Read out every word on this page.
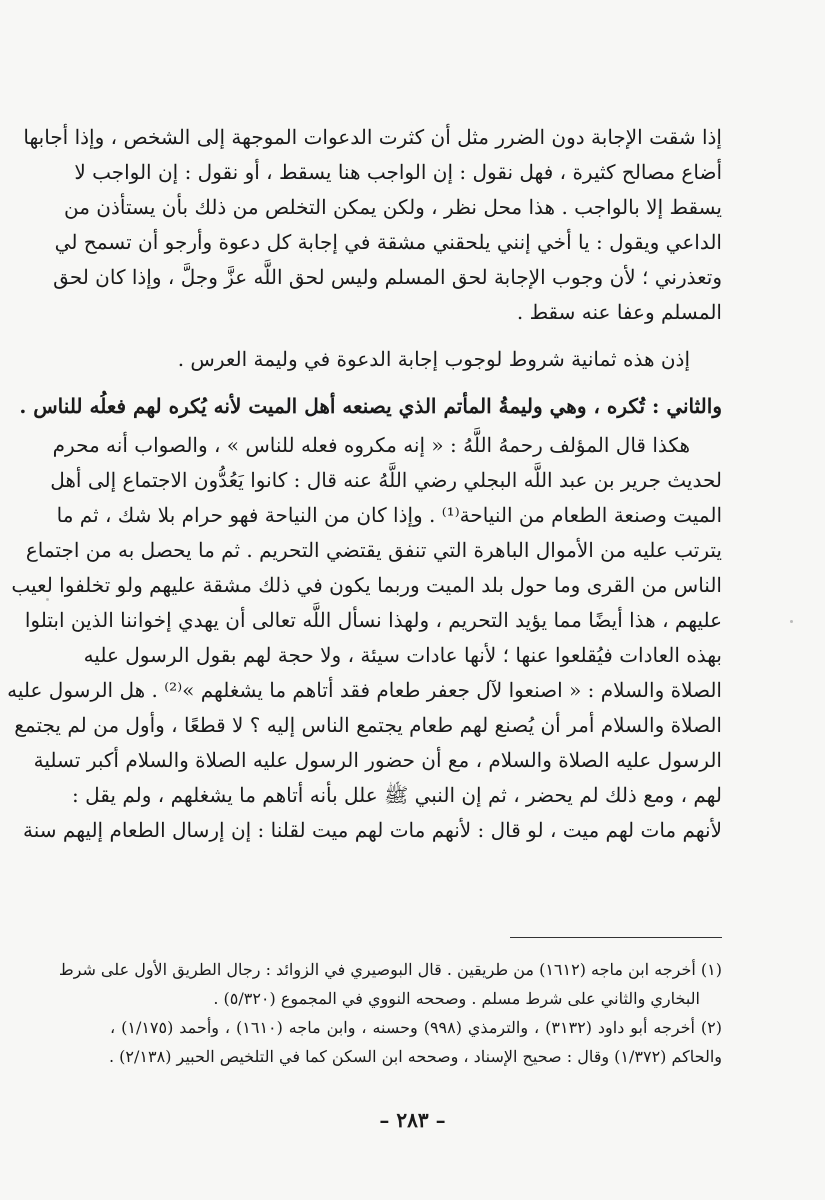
إذا شقت الإجابة دون الضرر مثل أن كثرت الدعوات الموجهة إلى الشخص ، وإذا أجابها
أضاع مصالح كثيرة ، فهل نقول : إن الواجب هنا يسقط ، أو نقول : إن الواجب لا
يسقط إلا بالواجب . هذا محل نظر ، ولكن يمكن التخلص من ذلك بأن يستأذن من
الداعي ويقول : يا أخي إنني يلحقني مشقة في إجابة كل دعوة وأرجو أن تسمح لي
وتعذرني ؛ لأن وجوب الإجابة لحق المسلم وليس لحق اللَّه عزَّ وجلَّ ، وإذا كان لحق
المسلم وعفا عنه سقط .
إذن هذه ثمانية شروط لوجوب إجابة الدعوة في وليمة العرس .
والثاني : تُكره ، وهي وليمةُ المأتم الذي يصنعه أهل الميت لأنه يُكره لهم فعلُه للناس .
هكذا قال المؤلف رحمهُ اللَّهُ : « إنه مكروه فعله للناس » ، والصواب أنه محرم
لحديث جرير بن عبد اللَّه البجلي رضي اللَّهُ عنه قال : كانوا يَعُدُّون الاجتماع إلى أهل
الميت وصنعة الطعام من النياحة⁽¹⁾ . وإذا كان من النياحة فهو حرام بلا شك ، ثم ما
يترتب عليه من الأموال الباهرة التي تنفق يقتضي التحريم . ثم ما يحصل به من اجتماع
الناس من القرى وما حول بلد الميت وربما يكون في ذلك مشقة عليهم ولو تخلفوا لعيب
عليهم ، هذا أيضًا مما يؤيد التحريم ، ولهذا نسأل اللَّه تعالى أن يهدي إخواننا الذين ابتلوا
بهذه العادات فيُقلعوا عنها ؛ لأنها عادات سيئة ، ولا حجة لهم بقول الرسول عليه
الصلاة والسلام : « اصنعوا لآل جعفر طعام فقد أتاهم ما يشغلهم »⁽²⁾ . هل الرسول عليه
الصلاة والسلام أمر أن يُصنع لهم طعام يجتمع الناس إليه ؟ لا قطعًا ، وأول من لم يجتمع
الرسول عليه الصلاة والسلام ، مع أن حضور الرسول عليه الصلاة والسلام أكبر تسلية
لهم ، ومع ذلك لم يحضر ، ثم إن النبي ﷺ علل بأنه أتاهم ما يشغلهم ، ولم يقل :
لأنهم مات لهم ميت ، لو قال : لأنهم مات لهم ميت لقلنا : إن إرسال الطعام إليهم سنة
(١) أخرجه ابن ماجه (١٦١٢) من طريقين . قال البوصيري في الزوائد : رجال الطريق الأول على شرط
البخاري والثاني على شرط مسلم . وصححه النووي في المجموع (٥/٣٢٠) .
(٢) أخرجه أبو داود (٣١٣٢) ، والترمذي (٩٩٨) وحسنه ، وابن ماجه (١٦١٠) ، وأحمد (١/١٧٥) ،
والحاكم (١/٣٧٢) وقال : صحيح الإسناد ، وصححه ابن السكن كما في التلخيص الحبير (٢/١٣٨) .
– ٢٨٣ –
